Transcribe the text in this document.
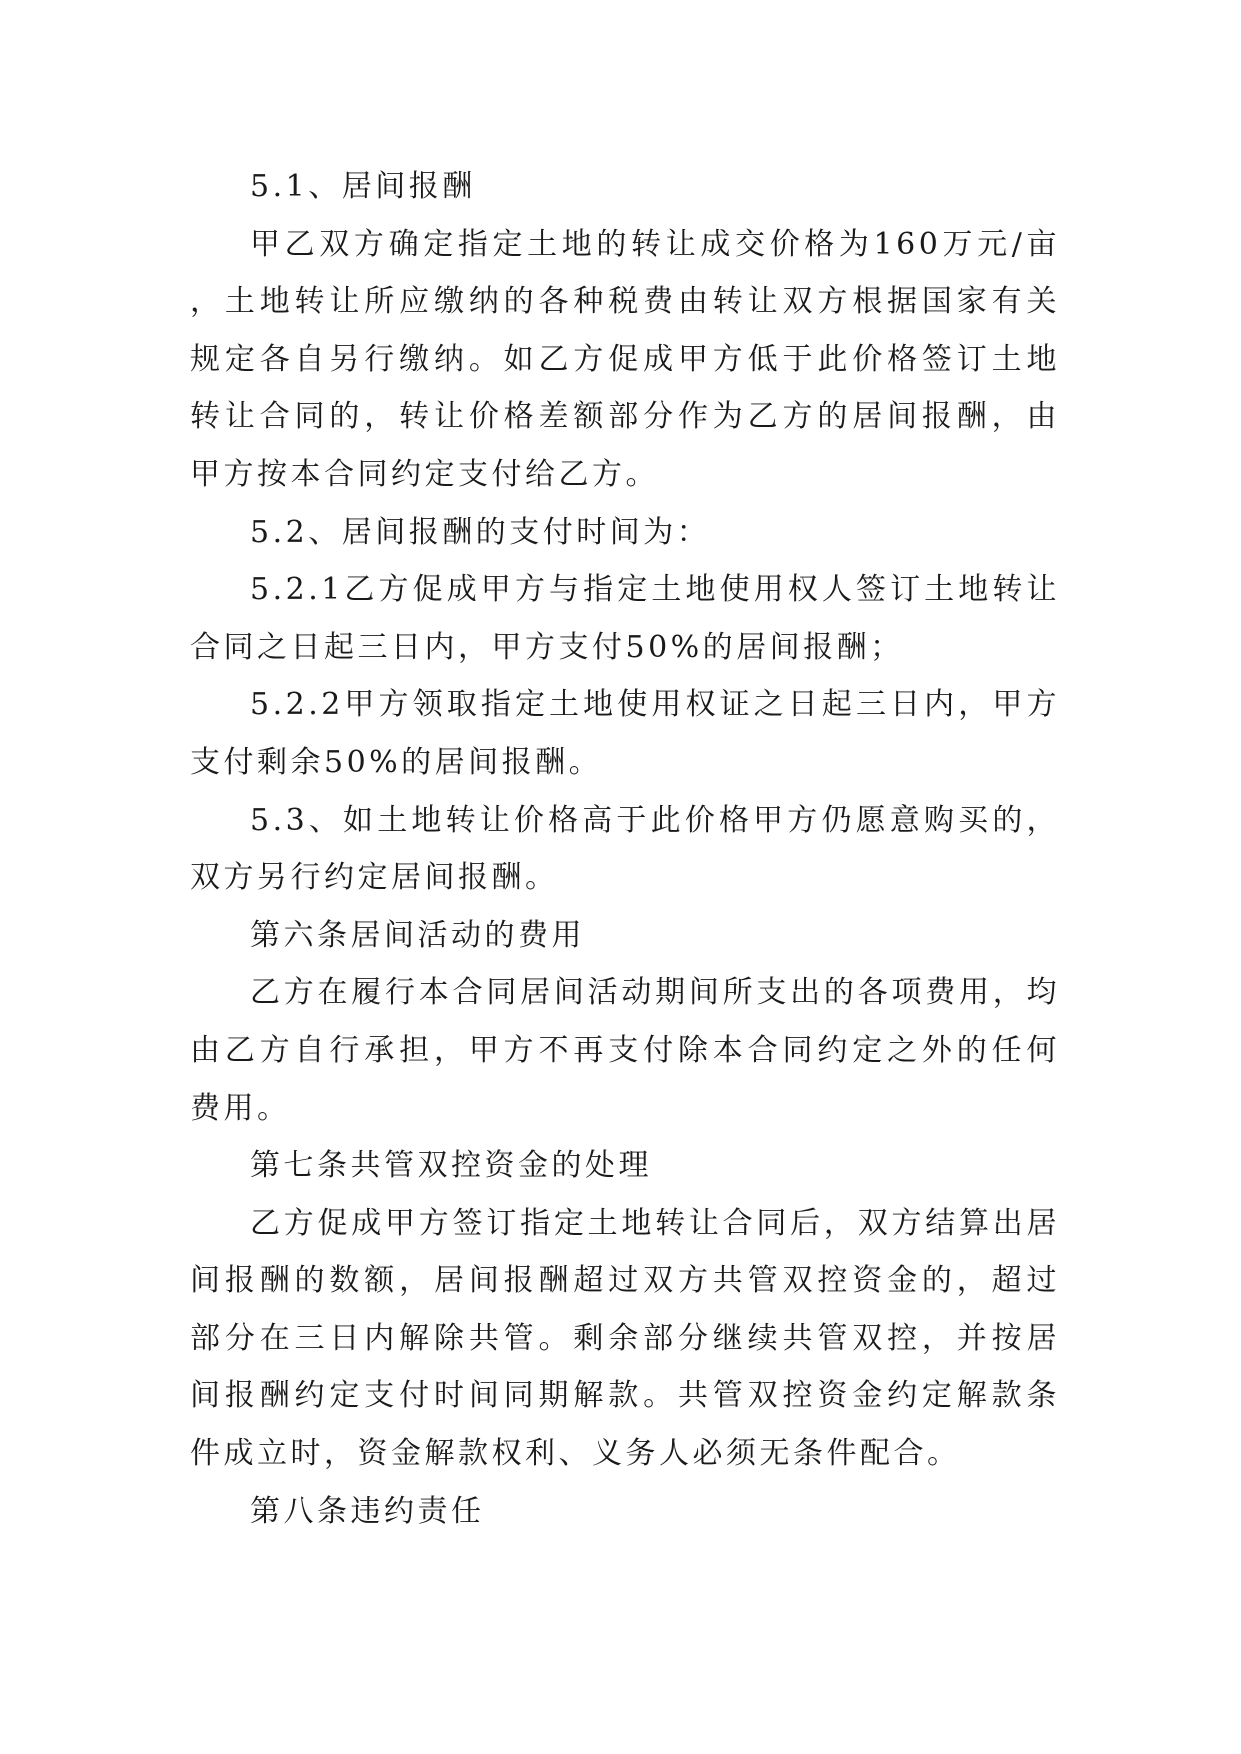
5.1、居间报酬

甲乙双方确定指定土地的转让成交价格为160万元/亩，土地转让所应缴纳的各种税费由转让双方根据国家有关规定各自另行缴纳。如乙方促成甲方低于此价格签订土地转让合同的，转让价格差额部分作为乙方的居间报酬，由甲方按本合同约定支付给乙方。

5.2、居间报酬的支付时间为：

5.2.1乙方促成甲方与指定土地使用权人签订土地转让合同之日起三日内，甲方支付50%的居间报酬；

5.2.2甲方领取指定土地使用权证之日起三日内，甲方支付剩余50%的居间报酬。

5.3、如土地转让价格高于此价格甲方仍愿意购买的，双方另行约定居间报酬。

第六条居间活动的费用

乙方在履行本合同居间活动期间所支出的各项费用，均由乙方自行承担，甲方不再支付除本合同约定之外的任何费用。

第七条共管双控资金的处理

乙方促成甲方签订指定土地转让合同后，双方结算出居间报酬的数额，居间报酬超过双方共管双控资金的，超过部分在三日内解除共管。剩余部分继续共管双控，并按居间报酬约定支付时间同期解款。共管双控资金约定解款条件成立时，资金解款权利、义务人必须无条件配合。

第八条违约责任
